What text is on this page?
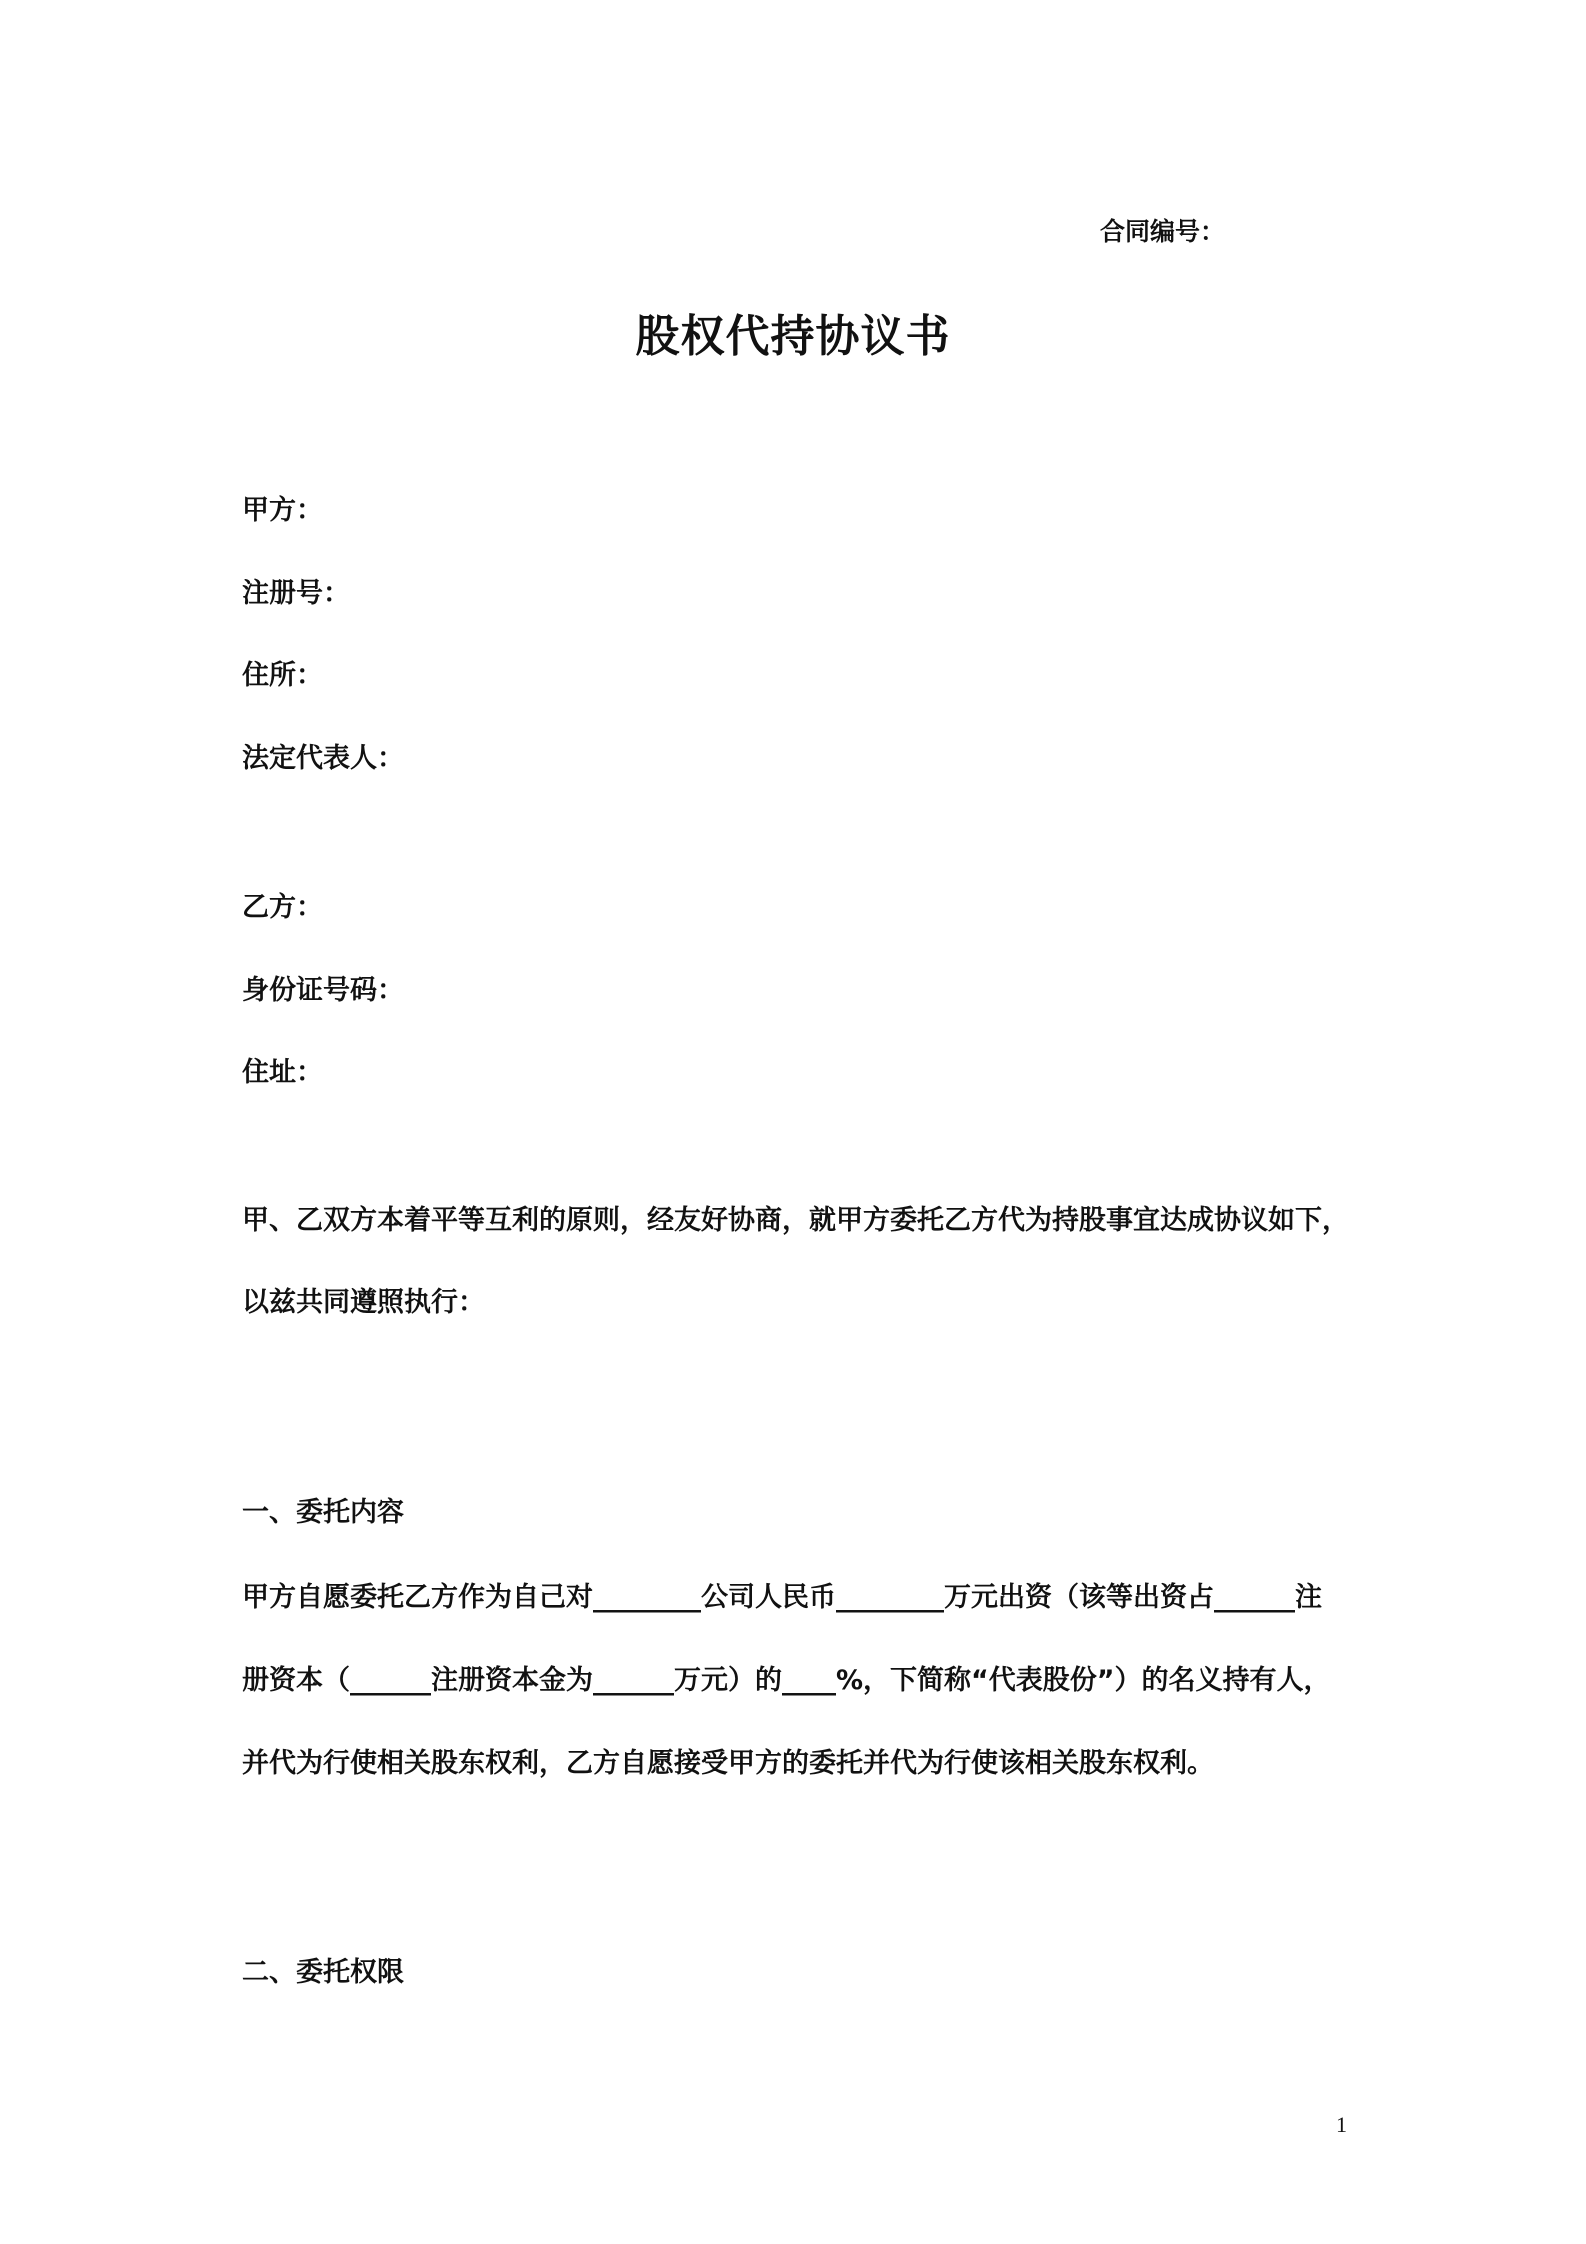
合同编号：
股权代持协议书
甲方：
注册号：
住所：
法定代表人：
乙方：
身份证号码：
住址：
甲、乙双方本着平等互利的原则，经友好协商，就甲方委托乙方代为持股事宜达成协议如下，
以兹共同遵照执行：
一、委托内容
甲方自愿委托乙方作为自己对________公司人民币________万元出资（该等出资占______注
册资本（______注册资本金为______万元）的____%，下简称“代表股份”）的名义持有人，
并代为行使相关股东权利，乙方自愿接受甲方的委托并代为行使该相关股东权利。
二、委托权限
1
